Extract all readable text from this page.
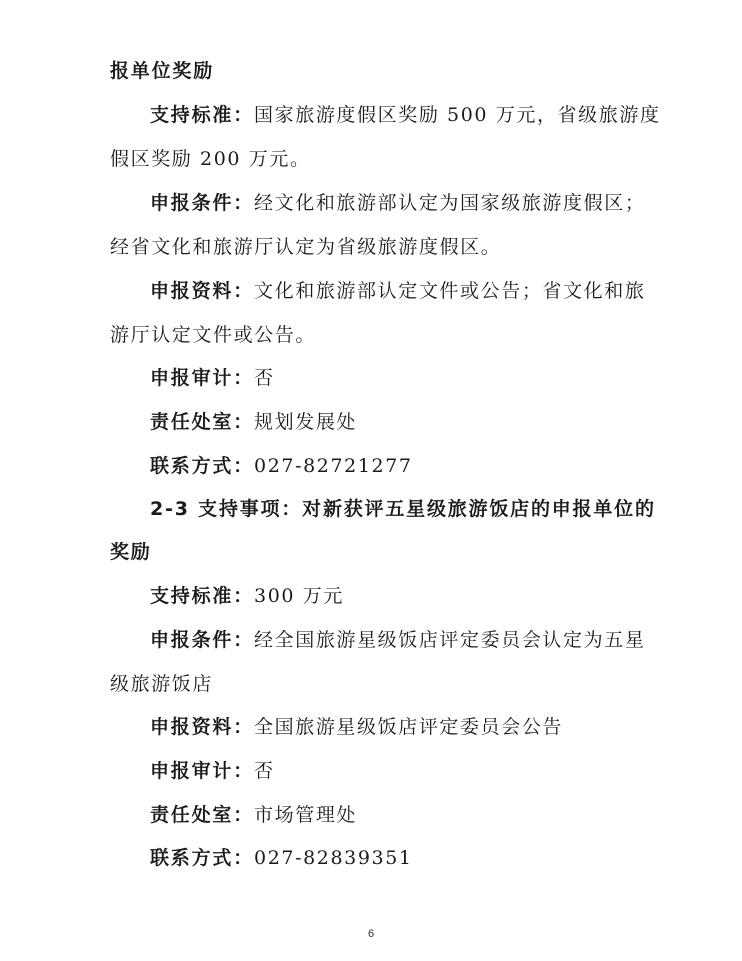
报单位奖励
支持标准：国家旅游度假区奖励 500 万元，省级旅游度
假区奖励 200 万元。
申报条件：经文化和旅游部认定为国家级旅游度假区；
经省文化和旅游厅认定为省级旅游度假区。
申报资料：文化和旅游部认定文件或公告；省文化和旅
游厅认定文件或公告。
申报审计：否
责任处室：规划发展处
联系方式：027-82721277
2-3 支持事项：对新获评五星级旅游饭店的申报单位的
奖励
支持标准：300 万元
申报条件：经全国旅游星级饭店评定委员会认定为五星
级旅游饭店
申报资料：全国旅游星级饭店评定委员会公告
申报审计：否
责任处室：市场管理处
联系方式：027-82839351
6
